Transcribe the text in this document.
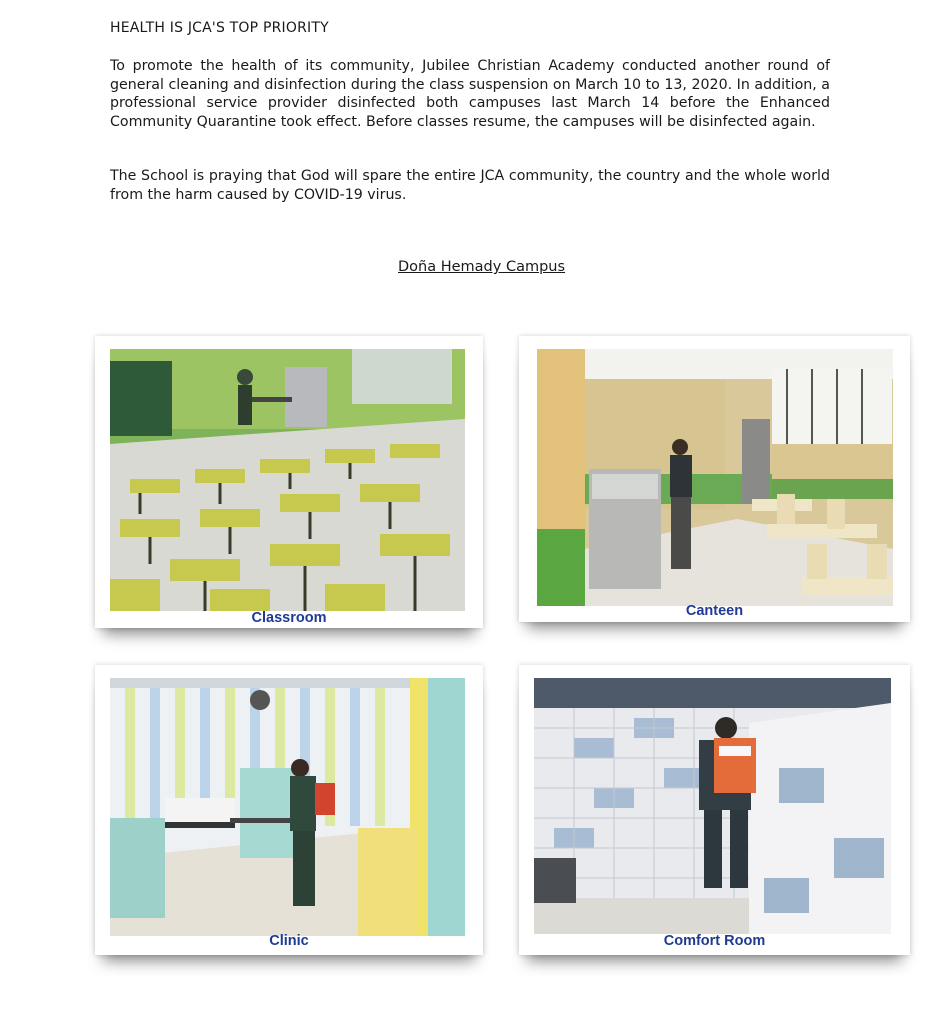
HEALTH IS JCA'S TOP PRIORITY

To promote the health of its community, Jubilee Christian Academy conducted another round of general cleaning and disinfection during the class suspension on March 10 to 13, 2020. In addition, a professional service provider disinfected both campuses last March 14 before the Enhanced Community Quarantine took effect. Before classes resume, the campuses will be disinfected again.

The School is praying that God will spare the entire JCA community, the country and the whole world from the harm caused by COVID-19 virus.

Doña Hemady Campus
Classroom	Canteen
Clinic	Comfort Room
